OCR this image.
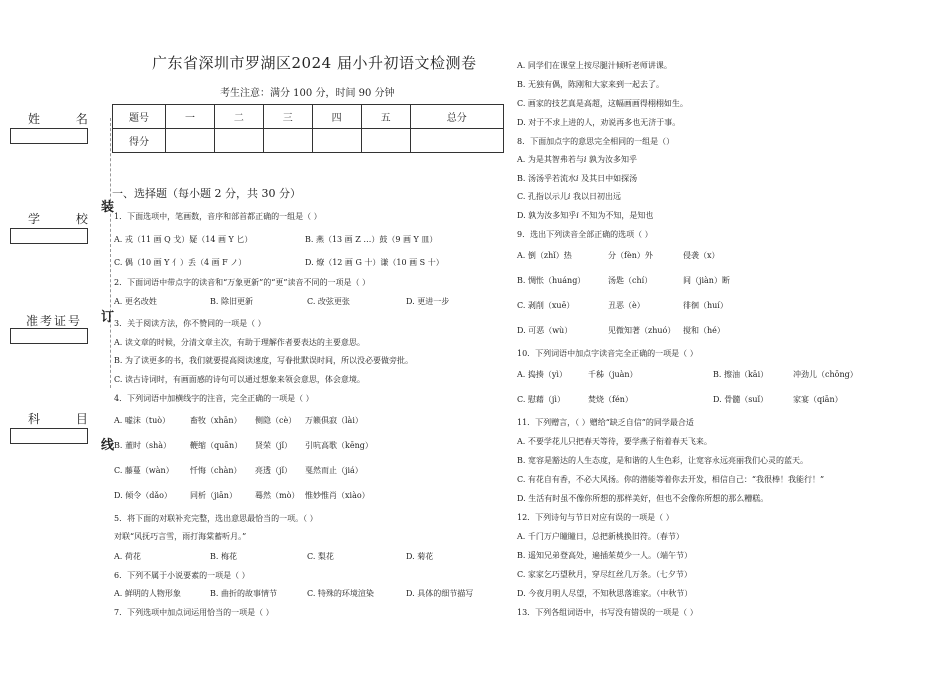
广东省深圳市罗湖区2024 届小升初语文检测卷
考生注意：满分 100 分，时间 90 分钟
姓 名
学 校
准考证号
科 目
装
订
线
题号	一	二	三	四	五	总分
得分						
一、选择题（每小题 2 分，共 30 分）
1．下面选项中，笔画数，音序和部首都正确的一组是（ ）
A. 戎（11 画 Q 戈）疑（14 画 Y 匕）	B. 燕（13 画 Z …）鼓（9 画 Y 皿）
C. 偶（10 画 Y 亻）丢（4 画 F ノ）	D. 燎（12 画 G 十）谦（10 画 S 十）
2．下面词语中带点字的读音和“万象更新”的“更”读音不同的一项是（ ）
A. 更名改姓	B. 除旧更新	C. 改弦更张	D. 更进一步
3．关于阅读方法，你不赞同的一项是（ ）
A. 读文章的时候，分清文章主次，有助于理解作者要表达的主要意思。
B. 为了读更多的书，我们就要提高阅读速度，写眷批默误时间，所以没必要做旁批。
C. 读古诗词时，有画面感的诗句可以通过想象来领会意思，体会意境。
4．下列词语中加横线字的注音，完全正确的一项是（ ）
A. 嘘沫（tuò） 畜牧（xhān） 侧隐（cè） 万籁俱寂（lài）
B. 董时（shà） 鞭缩（quān） 贤荣（jǐ） 引吭高歌（kēng）
C. 藤蔓（wàn） 忏悔（chàn） 亮透（jǐ） 戛然而止（jiá）
D. 倾令（dǎo） 同析（jiān） 蓦然（mò） 惟妙惟肖（xiào）
5．将下面的对联补充完整，选出意思最恰当的一项。（ ）
对联“风抚巧言雪，雨打海棠蓄听月。”
A. 荷花	B. 梅花	C. 梨花	D. 菊花
6．下列不属于小说要素的一项是（ ）
A. 鲜明的人物形象	B. 曲折的故事情节	C. 特殊的环境渲染	D. 具体的细节描写
7．下列选项中加点词运用恰当的一项是（ ）
A. 同学们在课堂上按尽腿汁倾听老师讲课。
B. 无独有偶，陈刚和大家来到一起去了。
C. 画家的技艺真是高超，这幅画画得栩栩如生。
D. 对于不求上进的人，劝说再多也无济于事。
8．下面加点字的意思完全相同的一组是（）
A. 为是其智弗若与𝑖 孰为汝多知乎
B. 汤汤乎若流水𝑖 及其日中如探汤
C. 孔指以示儿𝑖 我以日初出远
D. 孰为汝多知乎𝑖 不知为不知，是知也
9．选出下列读音全部正确的选项（ ）
A. 倒（zhǐ）热	分（fèn）外	侵袭（x）
B. 惆怅（huáng）	汤匙（chí）	间（jiàn）断
C. 剥削（xuē）	丑恶（è）	徘徊（huí）
D. 可恶（wù）	见微知著（zhuó） 搅和（hé）
10．下列词语中加点字读音完全正确的一项是（ ）
A. 捣揍（yì）	千秭（juàn）	B. 擦油（kāi）	冲劲儿（chōng）
C. 慰藉（jì）	焚烧（fén）	D. 骨髓（suǐ）	家宴（qiān）
11．下列赠言，（ ）赠给“缺乏自信”的同学最合适
A. 不要学花儿只把春天等待，要学燕子衔着春天飞来。
B. 宽容是豁达的人生态度，是和谐的人生色彩，让宽容永远亮丽我们心灵的蓝天。
C. 有花自有香，不必大风扬。你的潜能等着你去开发，相信自己：“我很棒！我能行！”
D. 生活有时虽不像你所想的那样美好，但也不会像你所想的那么糟糕。
12．下列诗句与节日对应有误的一项是（ ）
A. 千门万户瞳瞳日，总把新桃换旧符。（春节）
B. 遥知兄弟登高处，遍插茱萸少一人。（端午节）
C. 家家乞巧望秋月，穿尽红丝几万条。（七夕节）
D. 今夜月明人尽望，不知秋思落谁家。（中秋节）
13．下列各组词语中，书写没有错误的一项是（ ）
